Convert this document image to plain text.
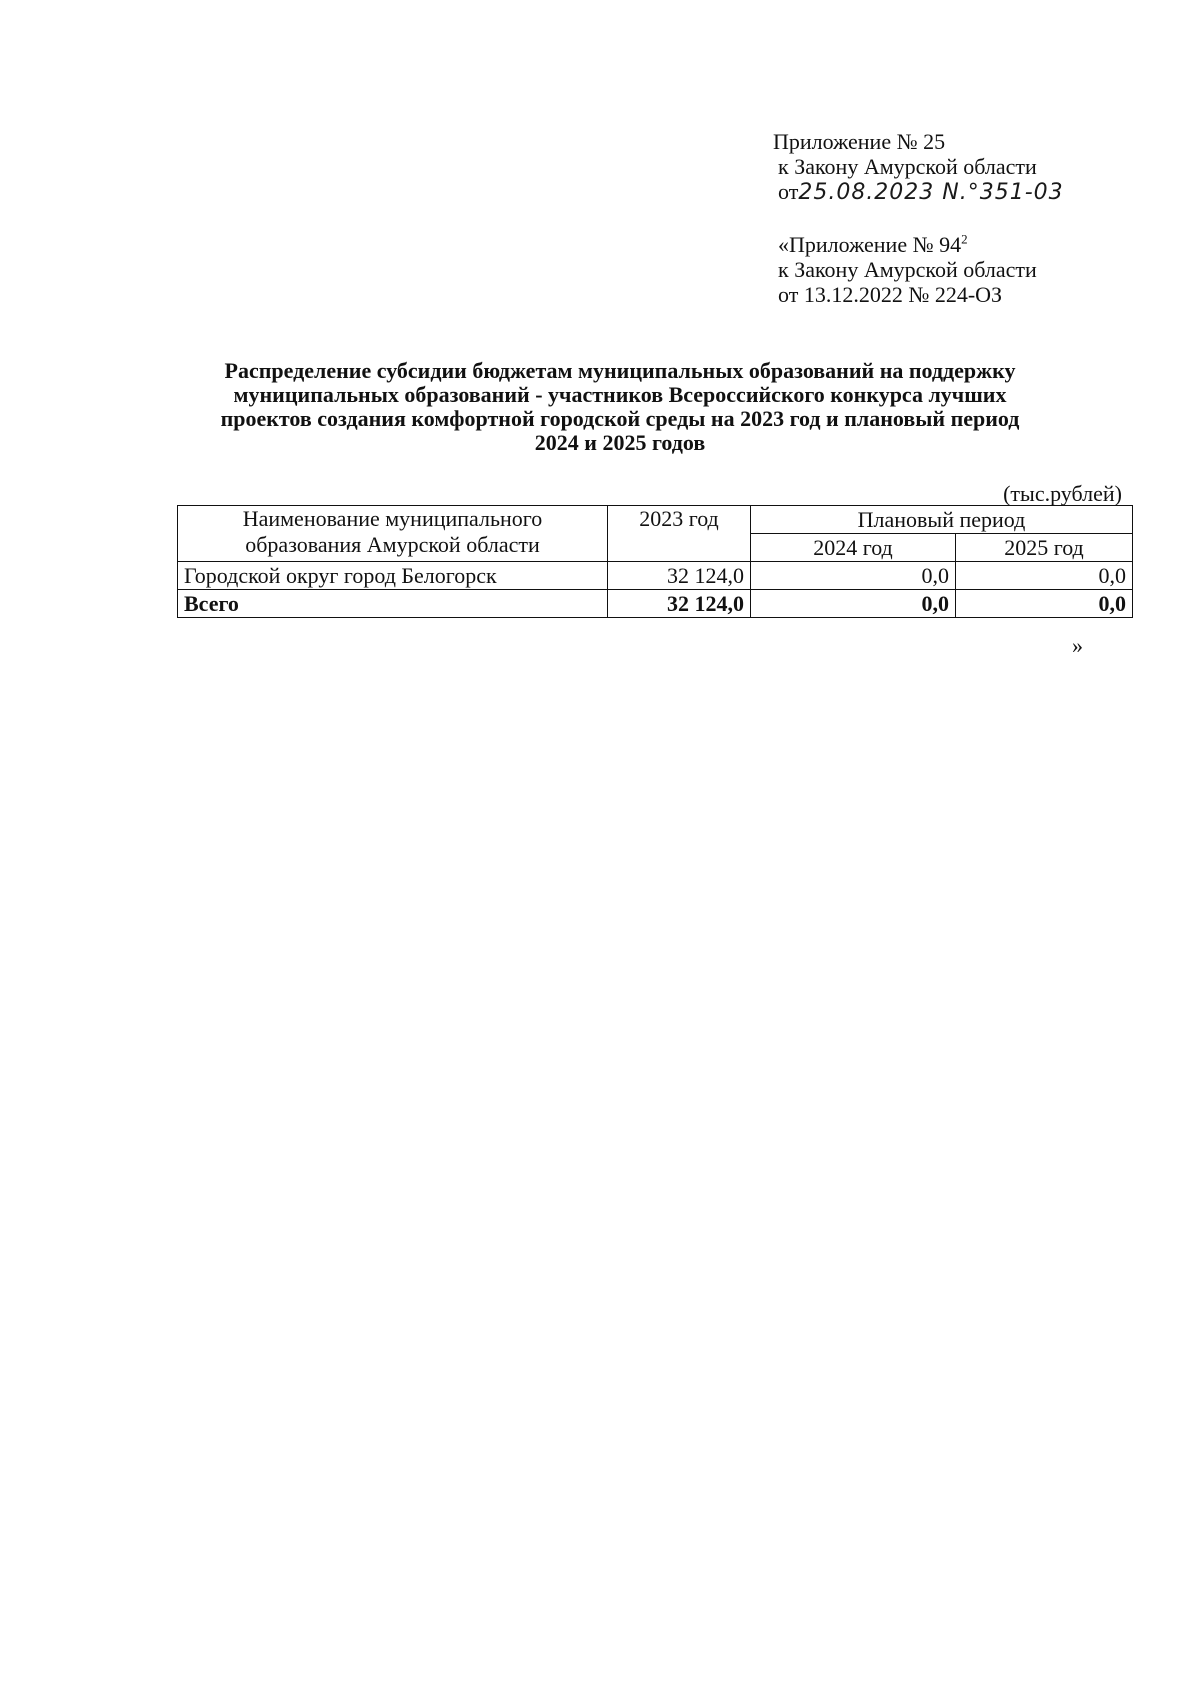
Приложение № 25
к Закону Амурской области
от25.08.2023 N.°351-03
«Приложение № $94^2$
к Закону Амурской области
от 13.12.2022 № 224-ОЗ
Распределение субсидии бюджетам муниципальных образований на поддержку
муниципальных образований - участников Всероссийского конкурса лучших
проектов создания комфортной городской среды на 2023 год и плановый период
2024 и 2025 годов
(тыс.рублей)
Наименование муниципального
образования Амурской области	2023 год	Плановый период	
		2024 год	2025 год
Городской округ город Белогорск	32 124,0	0,0	0,0
Всего	32 124,0	0,0	0,0
»
